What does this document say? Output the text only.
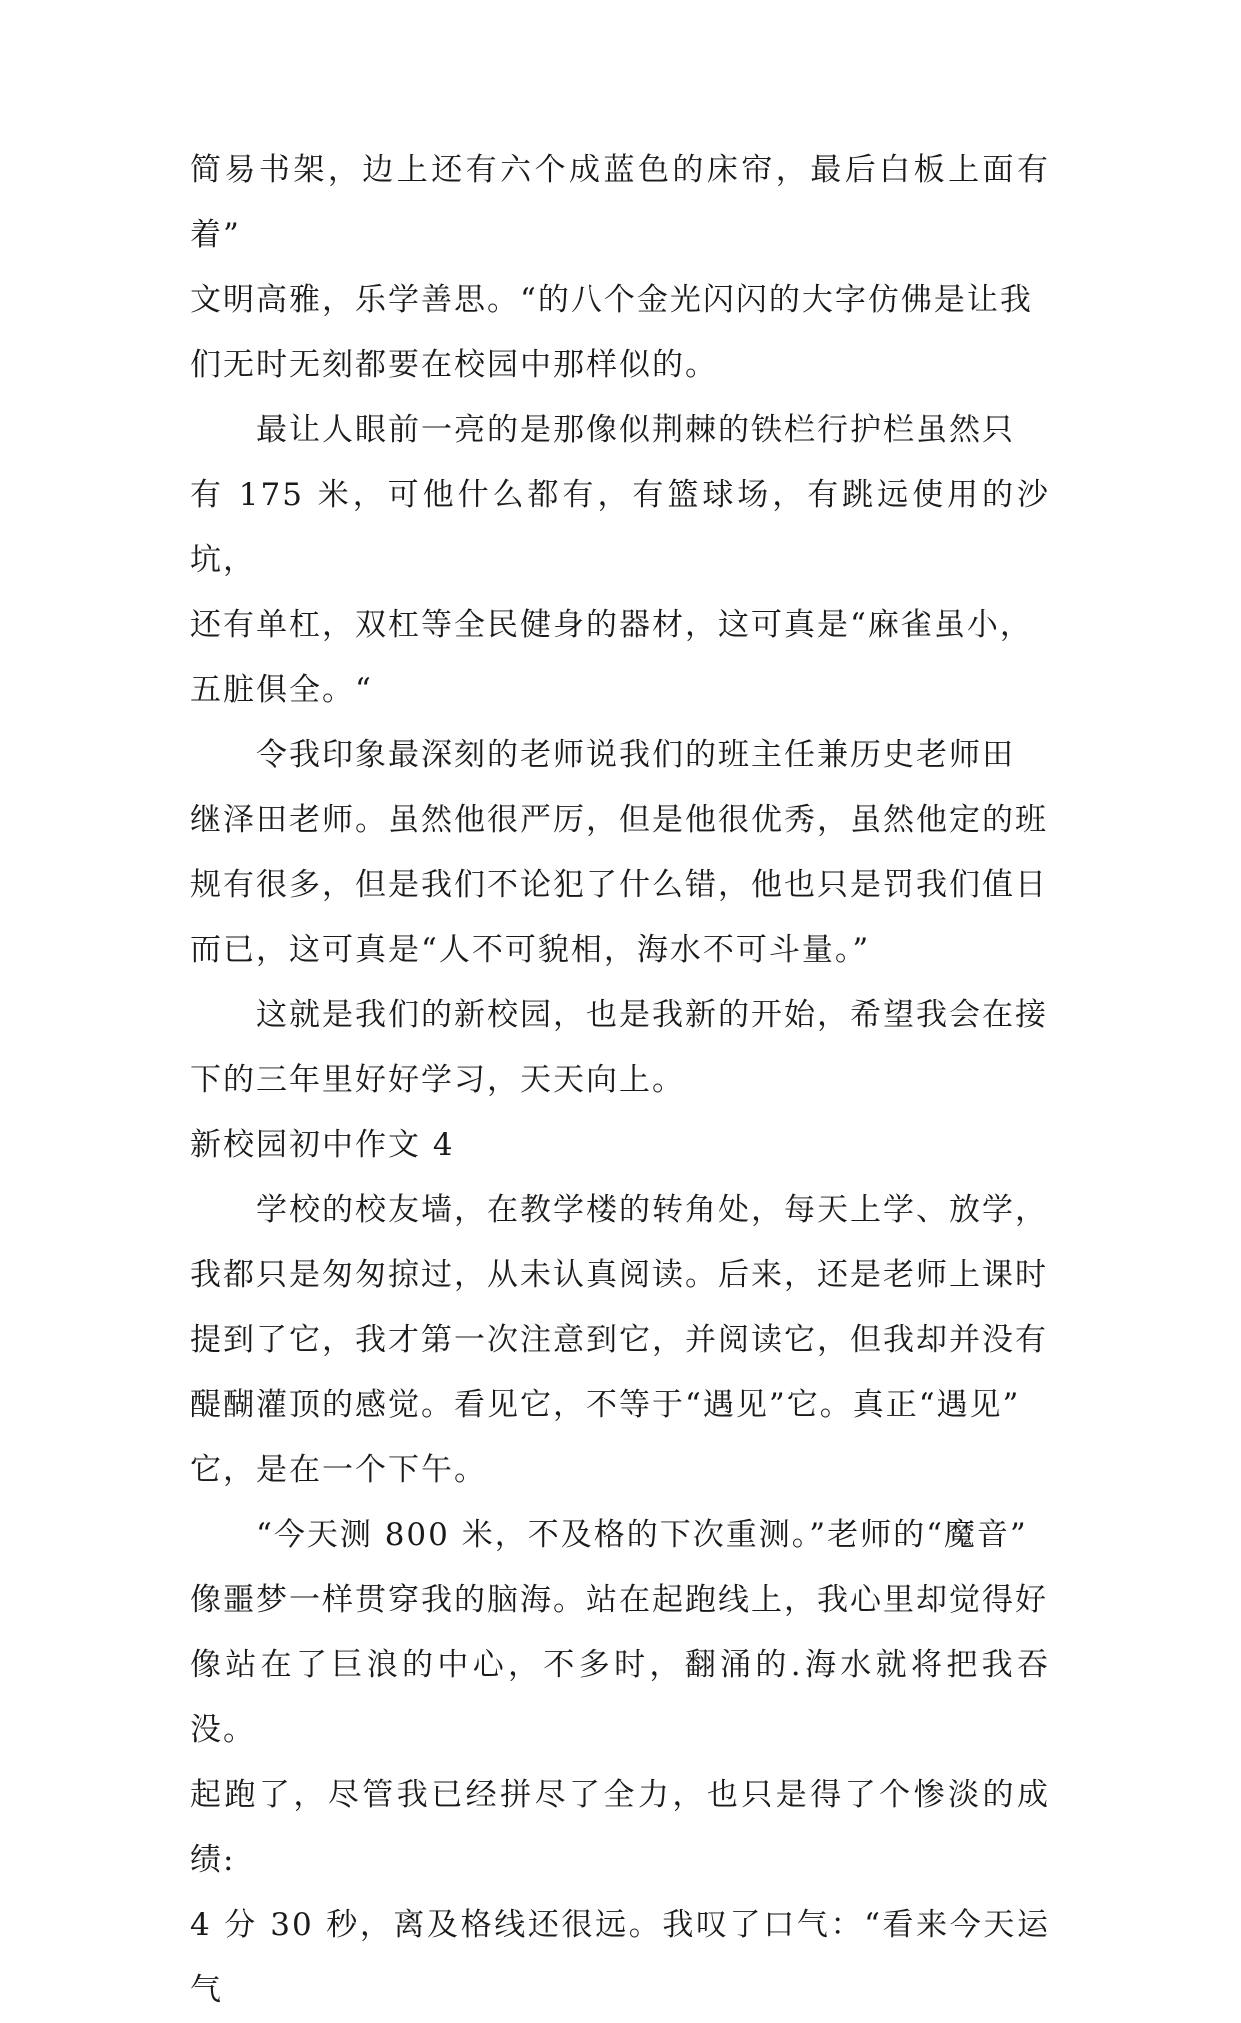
简易书架，边上还有六个成蓝色的床帘，最后白板上面有着”
文明高雅，乐学善思。“的八个金光闪闪的大字仿佛是让我
们无时无刻都要在校园中那样似的。

最让人眼前一亮的是那像似荆棘的铁栏行护栏虽然只
有 175 米，可他什么都有，有篮球场，有跳远使用的沙坑，
还有单杠，双杠等全民健身的器材，这可真是“麻雀虽小，
五脏俱全。“

令我印象最深刻的老师说我们的班主任兼历史老师田
继泽田老师。虽然他很严厉，但是他很优秀，虽然他定的班
规有很多，但是我们不论犯了什么错，他也只是罚我们值日
而已，这可真是“人不可貌相，海水不可斗量。”

这就是我们的新校园，也是我新的开始，希望我会在接
下的三年里好好学习，天天向上。

新校园初中作文 4

学校的校友墙，在教学楼的转角处，每天上学、放学，
我都只是匆匆掠过，从未认真阅读。后来，还是老师上课时
提到了它，我才第一次注意到它，并阅读它，但我却并没有
醍醐灌顶的感觉。看见它，不等于“遇见”它。真正“遇见”
它，是在一个下午。

“今天测 800 米，不及格的下次重测。”老师的“魔音”
像噩梦一样贯穿我的脑海。站在起跑线上，我心里却觉得好
像站在了巨浪的中心，不多时，翻涌的.海水就将把我吞没。
起跑了，尽管我已经拼尽了全力，也只是得了个惨淡的成绩:
4 分 30 秒，离及格线还很远。我叹了口气：“看来今天运气
